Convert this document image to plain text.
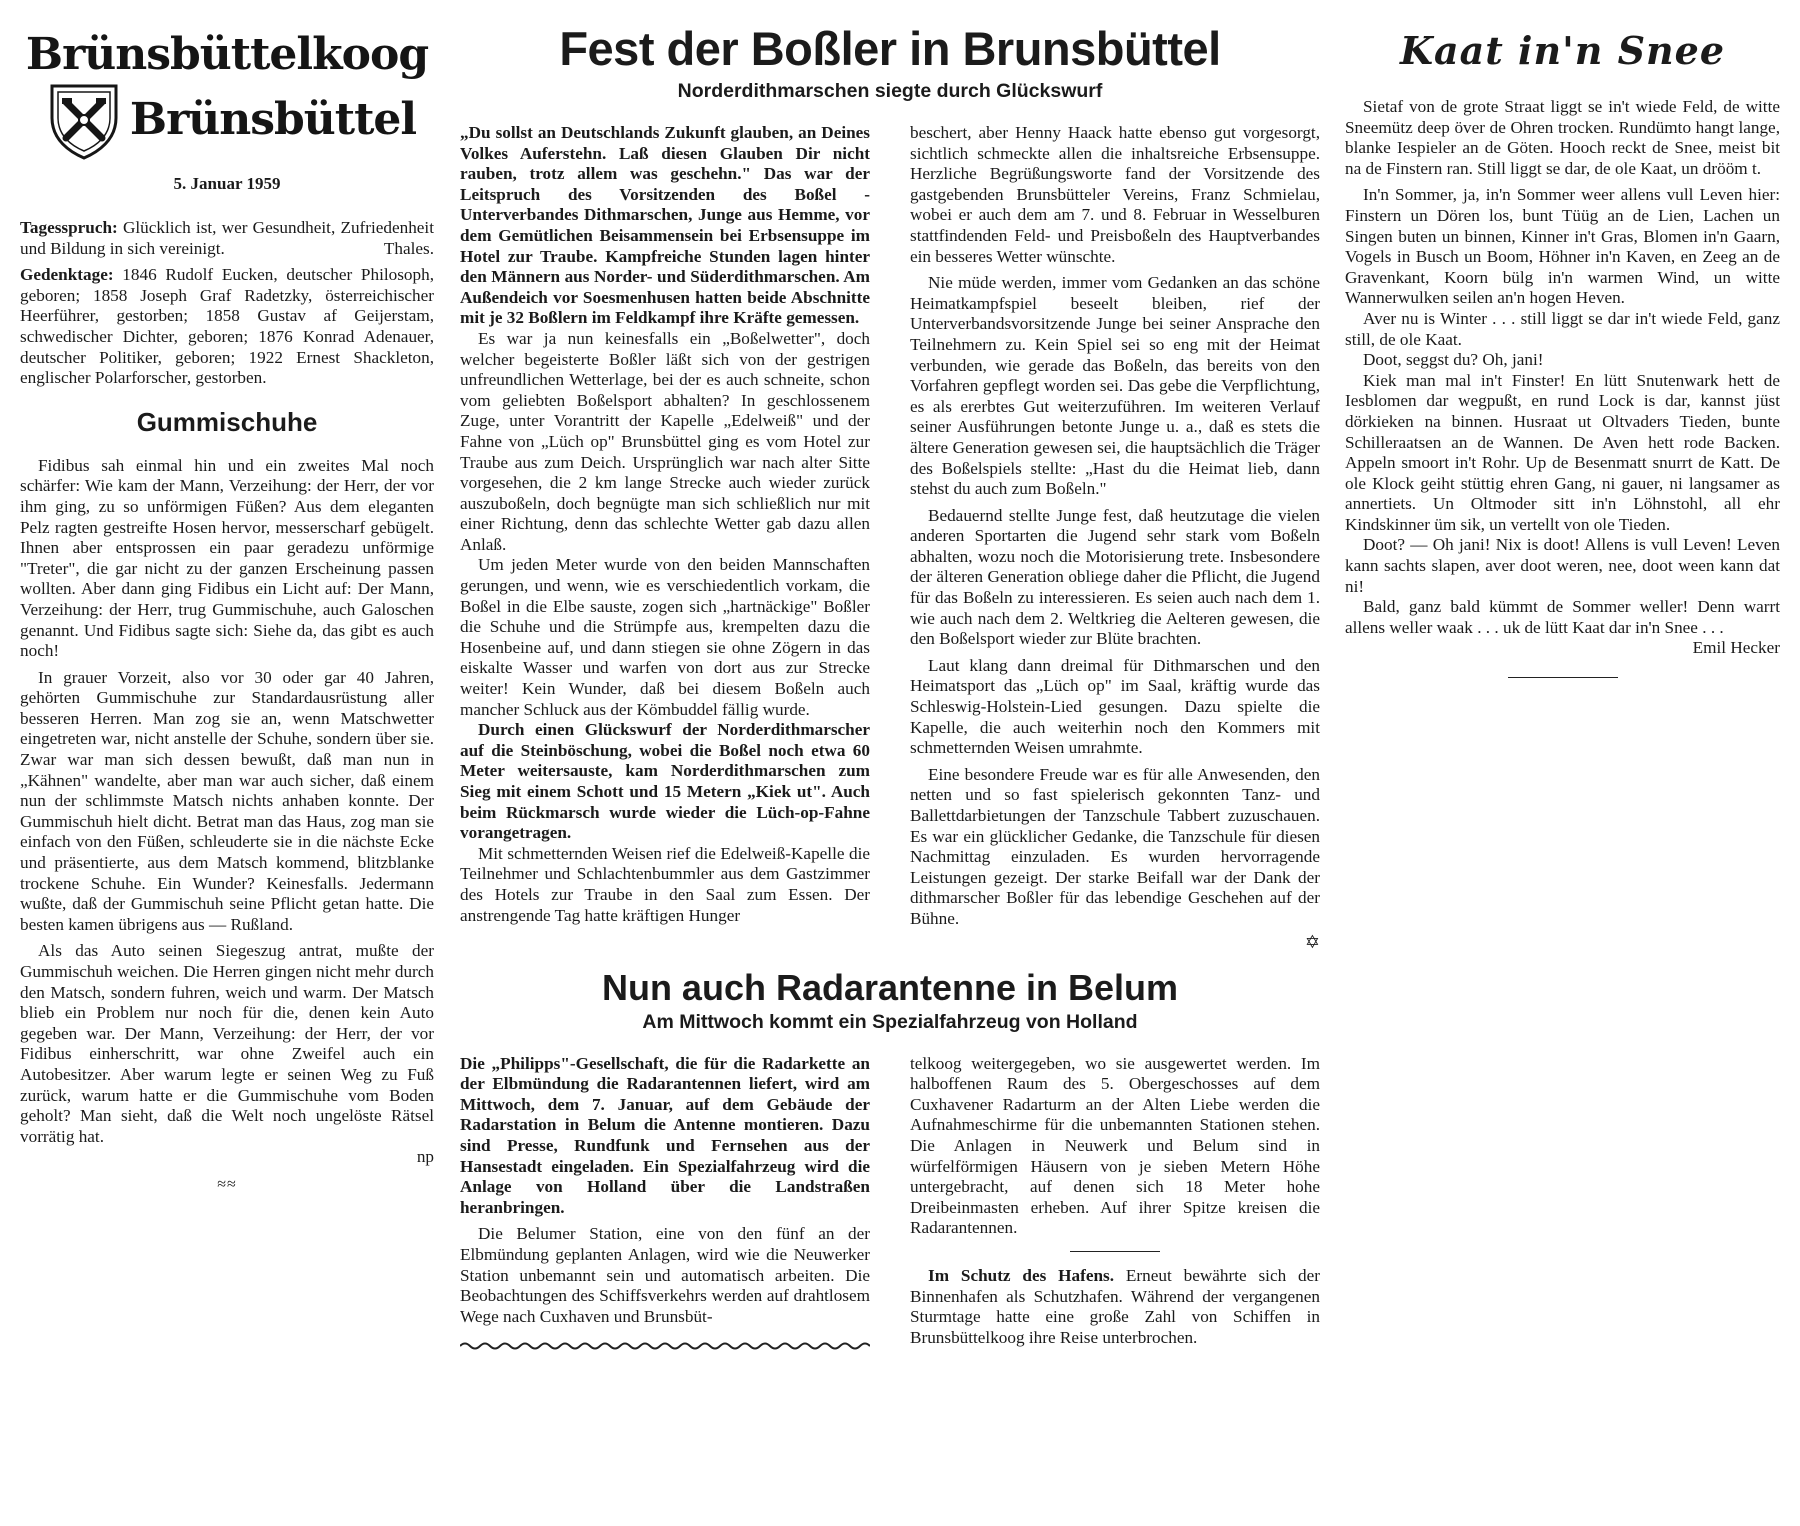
Brünsbüttelkoog
Brünsbüttel
5. Januar 1959

Tagesspruch: Glücklich ist, wer Gesundheit, Zufriedenheit und Bildung in sich vereinigt.	Thales.

Gedenktage: 1846 Rudolf Eucken, deutscher Philosoph, geboren; 1858 Joseph Graf Radetzky, österreichischer Heerführer, gestorben; 1858 Gustav af Geijerstam, schwedischer Dichter, geboren; 1876 Konrad Adenauer, deutscher Politiker, geboren; 1922 Ernest Shackleton, englischer Polarforscher, gestorben.

Gummischuhe

Fidibus sah einmal hin und ein zweites Mal noch schärfer: Wie kam der Mann, Verzeihung: der Herr, der vor ihm ging, zu so unförmigen Füßen? Aus dem eleganten Pelz ragten gestreifte Hosen hervor, messerscharf gebügelt. Ihnen aber entsprossen ein paar geradezu unförmige "Treter", die gar nicht zu der ganzen Erscheinung passen wollten. Aber dann ging Fidibus ein Licht auf: Der Mann, Verzeihung: der Herr, trug Gummischuhe, auch Galoschen genannt. Und Fidibus sagte sich: Siehe da, das gibt es auch noch!

In grauer Vorzeit, also vor 30 oder gar 40 Jahren, gehörten Gummischuhe zur Standardausrüstung aller besseren Herren. Man zog sie an, wenn Matschwetter eingetreten war, nicht anstelle der Schuhe, sondern über sie. Zwar war man sich dessen bewußt, daß man nun in „Kähnen" wandelte, aber man war auch sicher, daß einem nun der schlimmste Matsch nichts anhaben konnte. Der Gummischuh hielt dicht. Betrat man das Haus, zog man sie einfach von den Füßen, schleuderte sie in die nächste Ecke und präsentierte, aus dem Matsch kommend, blitzblanke trockene Schuhe. Ein Wunder? Keinesfalls. Jedermann wußte, daß der Gummischuh seine Pflicht getan hatte. Die besten kamen übrigens aus — Rußland.

Als das Auto seinen Siegeszug antrat, mußte der Gummischuh weichen. Die Herren gingen nicht mehr durch den Matsch, sondern fuhren, weich und warm. Der Matsch blieb ein Problem nur noch für die, denen kein Auto gegeben war. Der Mann, Verzeihung: der Herr, der vor Fidibus einherschritt, war ohne Zweifel auch ein Autobesitzer. Aber warum legte er seinen Weg zu Fuß zurück, warum hatte er die Gummischuhe vom Boden geholt? Man sieht, daß die Welt noch ungelöste Rätsel vorrätig hat.

np

≈≈
Fest der Boßler in Brunsbüttel
Norderdithmarschen siegte durch Glückswurf

„Du sollst an Deutschlands Zukunft glauben, an Deines Volkes Auferstehn. Laß diesen Glauben Dir nicht rauben, trotz allem was geschehn." Das war der Leitspruch des Vorsitzenden des Boßel - Unterverbandes Dithmarschen, Junge aus Hemme, vor dem Gemütlichen Beisammensein bei Erbsensuppe im Hotel zur Traube. Kampfreiche Stunden lagen hinter den Männern aus Norder- und Süderdithmarschen. Am Außendeich vor Soesmenhusen hatten beide Abschnitte mit je 32 Boßlern im Feldkampf ihre Kräfte gemessen.

Es war ja nun keinesfalls ein „Boßelwetter", doch welcher begeisterte Boßler läßt sich von der gestrigen unfreundlichen Wetterlage, bei der es auch schneite, schon vom geliebten Boßelsport abhalten? In geschlossenem Zuge, unter Vorantritt der Kapelle „Edelweiß" und der Fahne von „Lüch op" Brunsbüttel ging es vom Hotel zur Traube aus zum Deich. Ursprünglich war nach alter Sitte vorgesehen, die 2 km lange Strecke auch wieder zurück auszuboßeln, doch begnügte man sich schließlich nur mit einer Richtung, denn das schlechte Wetter gab dazu allen Anlaß.

Um jeden Meter wurde von den beiden Mannschaften gerungen, und wenn, wie es verschiedentlich vorkam, die Boßel in die Elbe sauste, zogen sich „hartnäckige" Boßler die Schuhe und die Strümpfe aus, krempelten dazu die Hosenbeine auf, und dann stiegen sie ohne Zögern in das eiskalte Wasser und warfen von dort aus zur Strecke weiter! Kein Wunder, daß bei diesem Boßeln auch mancher Schluck aus der Kömbuddel fällig wurde.

Durch einen Glückswurf der Norderdithmarscher auf die Steinböschung, wobei die Boßel noch etwa 60 Meter weitersauste, kam Norderdithmarschen zum Sieg mit einem Schott und 15 Metern „Kiek ut". Auch beim Rückmarsch wurde wieder die Lüch-op-Fahne vorangetragen.

Mit schmetternden Weisen rief die Edelweiß-Kapelle die Teilnehmer und Schlachtenbummler aus dem Gastzimmer des Hotels zur Traube in den Saal zum Essen. Der anstrengende Tag hatte kräftigen Hunger

beschert, aber Henny Haack hatte ebenso gut vorgesorgt, sichtlich schmeckte allen die inhaltsreiche Erbsensuppe. Herzliche Begrüßungsworte fand der Vorsitzende des gastgebenden Brunsbütteler Vereins, Franz Schmielau, wobei er auch dem am 7. und 8. Februar in Wesselburen stattfindenden Feld- und Preisboßeln des Hauptverbandes ein besseres Wetter wünschte.

Nie müde werden, immer vom Gedanken an das schöne Heimatkampfspiel beseelt bleiben, rief der Unterverbandsvorsitzende Junge bei seiner Ansprache den Teilnehmern zu. Kein Spiel sei so eng mit der Heimat verbunden, wie gerade das Boßeln, das bereits von den Vorfahren gepflegt worden sei. Das gebe die Verpflichtung, es als ererbtes Gut weiterzuführen. Im weiteren Verlauf seiner Ausführungen betonte Junge u. a., daß es stets die ältere Generation gewesen sei, die hauptsächlich die Träger des Boßelspiels stellte: „Hast du die Heimat lieb, dann stehst du auch zum Boßeln."

Bedauernd stellte Junge fest, daß heutzutage die vielen anderen Sportarten die Jugend sehr stark vom Boßeln abhalten, wozu noch die Motorisierung trete. Insbesondere der älteren Generation obliege daher die Pflicht, die Jugend für das Boßeln zu interessieren. Es seien auch nach dem 1. wie auch nach dem 2. Weltkrieg die Aelteren gewesen, die den Boßelsport wieder zur Blüte brachten.

Laut klang dann dreimal für Dithmarschen und den Heimatsport das „Lüch op" im Saal, kräftig wurde das Schleswig-Holstein-Lied gesungen. Dazu spielte die Kapelle, die auch weiterhin noch den Kommers mit schmetternden Weisen umrahmte.

Eine besondere Freude war es für alle Anwesenden, den netten und so fast spielerisch gekonnten Tanz- und Ballettdarbietungen der Tanzschule Tabbert zuzuschauen. Es war ein glücklicher Gedanke, die Tanzschule für diesen Nachmittag einzuladen. Es wurden hervorragende Leistungen gezeigt. Der starke Beifall war der Dank der dithmarscher Boßler für das lebendige Geschehen auf der Bühne.

✡
Nun auch Radarantenne in Belum
Am Mittwoch kommt ein Spezialfahrzeug von Holland

Die „Philipps"-Gesellschaft, die für die Radarkette an der Elbmündung die Radarantennen liefert, wird am Mittwoch, dem 7. Januar, auf dem Gebäude der Radarstation in Belum die Antenne montieren. Dazu sind Presse, Rundfunk und Fernsehen aus der Hansestadt eingeladen. Ein Spezialfahrzeug wird die Anlage von Holland über die Landstraßen heranbringen.

Die Belumer Station, eine von den fünf an der Elbmündung geplanten Anlagen, wird wie die Neuwerker Station unbemannt sein und automatisch arbeiten. Die Beobachtungen des Schiffsverkehrs werden auf drahtlosem Wege nach Cuxhaven und Brunsbüt-

telkoog weitergegeben, wo sie ausgewertet werden. Im halboffenen Raum des 5. Obergeschosses auf dem Cuxhavener Radarturm an der Alten Liebe werden die Aufnahmeschirme für die unbemannten Stationen stehen. Die Anlagen in Neuwerk und Belum sind in würfelförmigen Häusern von je sieben Metern Höhe untergebracht, auf denen sich 18 Meter hohe Dreibeinmasten erheben. Auf ihrer Spitze kreisen die Radarantennen.

Im Schutz des Hafens. Erneut bewährte sich der Binnenhafen als Schutzhafen. Während der vergangenen Sturmtage hatte eine große Zahl von Schiffen in Brunsbüttelkoog ihre Reise unterbrochen.

Kaat in'n Snee

Sietaf von de grote Straat liggt se in't wiede Feld, de witte Sneemütz deep över de Ohren trocken. Rundümto hangt lange, blanke Iespieler an de Göten. Hooch reckt de Snee, meist bit na de Finstern ran. Still liggt se dar, de ole Kaat, un drööm t.

In'n Sommer, ja, in'n Sommer weer allens vull Leven hier: Finstern un Dören los, bunt Tüüg an de Lien, Lachen un Singen buten un binnen, Kinner in't Gras, Blomen in'n Gaarn, Vogels in Busch un Boom, Höhner in'n Kaven, en Zeeg an de Gravenkant, Koorn bülg in'n warmen Wind, un witte Wannerwulken seilen an'n hogen Heven.

Aver nu is Winter . . . still liggt se dar in't wiede Feld, ganz still, de ole Kaat.

Doot, seggst du? Oh, jani!

Kiek man mal in't Finster! En lütt Snutenwark hett de Iesblomen dar wegpußt, en rund Lock is dar, kannst jüst dörkieken na binnen. Husraat ut Oltvaders Tieden, bunte Schilleraatsen an de Wannen. De Aven hett rode Backen. Appeln smoort in't Rohr. Up de Besenmatt snurrt de Katt. De ole Klock geiht stüttig ehren Gang, ni gauer, ni langsamer as annertiets. Un Oltmoder sitt in'n Löhnstohl, all ehr Kindskinner üm sik, un vertellt von ole Tieden.

Doot? — Oh jani! Nix is doot! Allens is vull Leven! Leven kann sachts slapen, aver doot weren, nee, doot ween kann dat ni!

Bald, ganz bald kümmt de Sommer weller! Denn warrt allens weller waak . . . uk de lütt Kaat dar in'n Snee . . .

Emil Hecker
